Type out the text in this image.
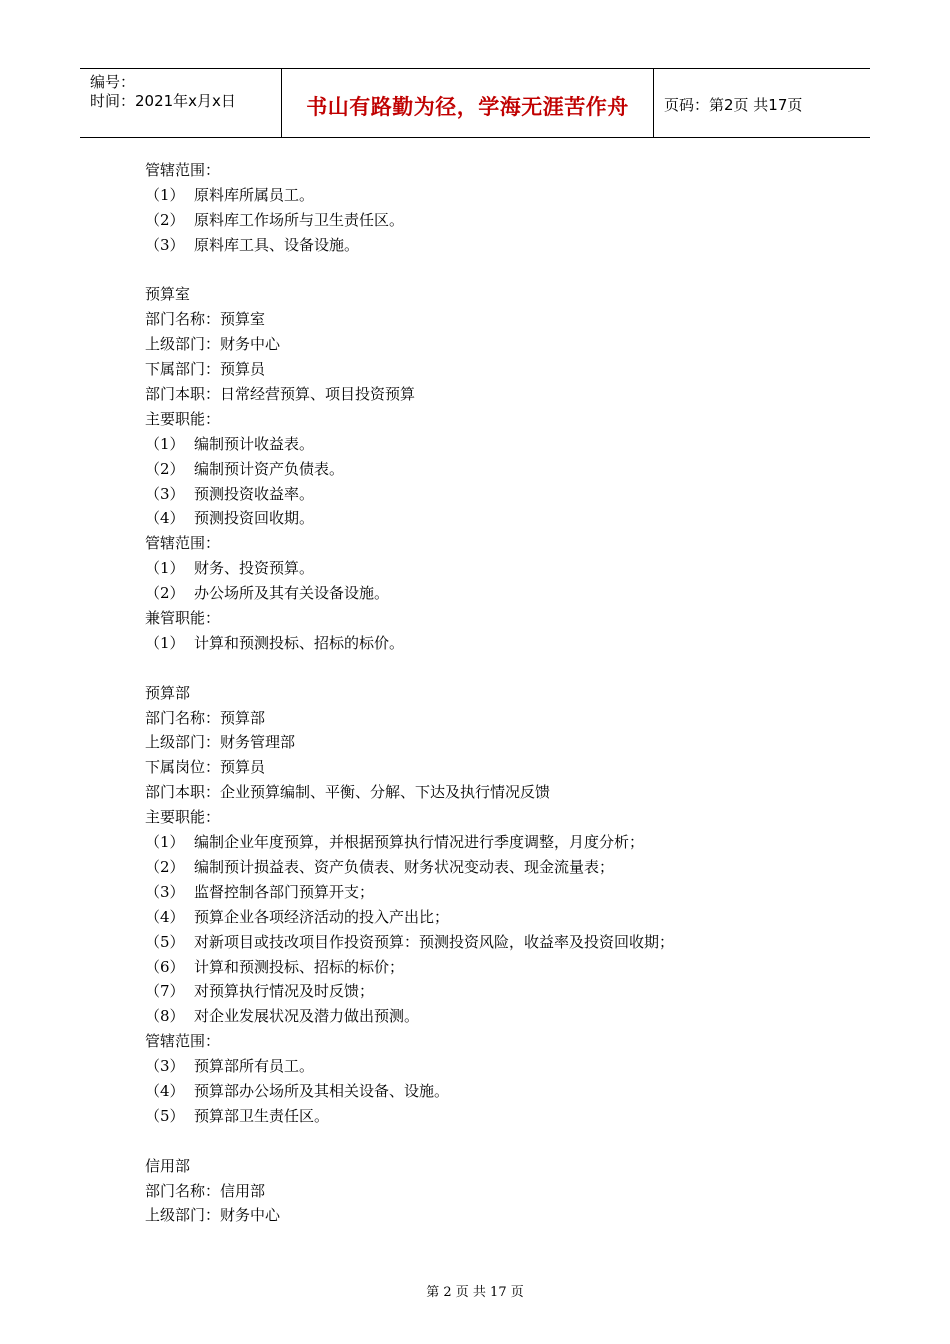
编号：
时间：2021年x月x日	书山有路勤为径，学海无涯苦作舟	页码：第2页 共17页
管辖范围：
（1） 原料库所属员工。
（2） 原料库工作场所与卫生责任区。
（3） 原料库工具、设备设施。
预算室
部门名称：预算室
上级部门：财务中心
下属部门：预算员
部门本职：日常经营预算、项目投资预算
主要职能：
（1） 编制预计收益表。
（2） 编制预计资产负债表。
（3） 预测投资收益率。
（4） 预测投资回收期。
管辖范围：
（1） 财务、投资预算。
（2） 办公场所及其有关设备设施。
兼管职能：
（1） 计算和预测投标、招标的标价。
预算部
部门名称：预算部
上级部门：财务管理部
下属岗位：预算员
部门本职：企业预算编制、平衡、分解、下达及执行情况反馈
主要职能：
（1） 编制企业年度预算，并根据预算执行情况进行季度调整，月度分析；
（2） 编制预计损益表、资产负债表、财务状况变动表、现金流量表；
（3） 监督控制各部门预算开支；
（4） 预算企业各项经济活动的投入产出比；
（5） 对新项目或技改项目作投资预算：预测投资风险，收益率及投资回收期；
（6） 计算和预测投标、招标的标价；
（7） 对预算执行情况及时反馈；
（8） 对企业发展状况及潜力做出预测。
管辖范围：
（3） 预算部所有员工。
（4） 预算部办公场所及其相关设备、设施。
（5） 预算部卫生责任区。
信用部
部门名称：信用部
上级部门：财务中心
第 2 页 共 17 页
